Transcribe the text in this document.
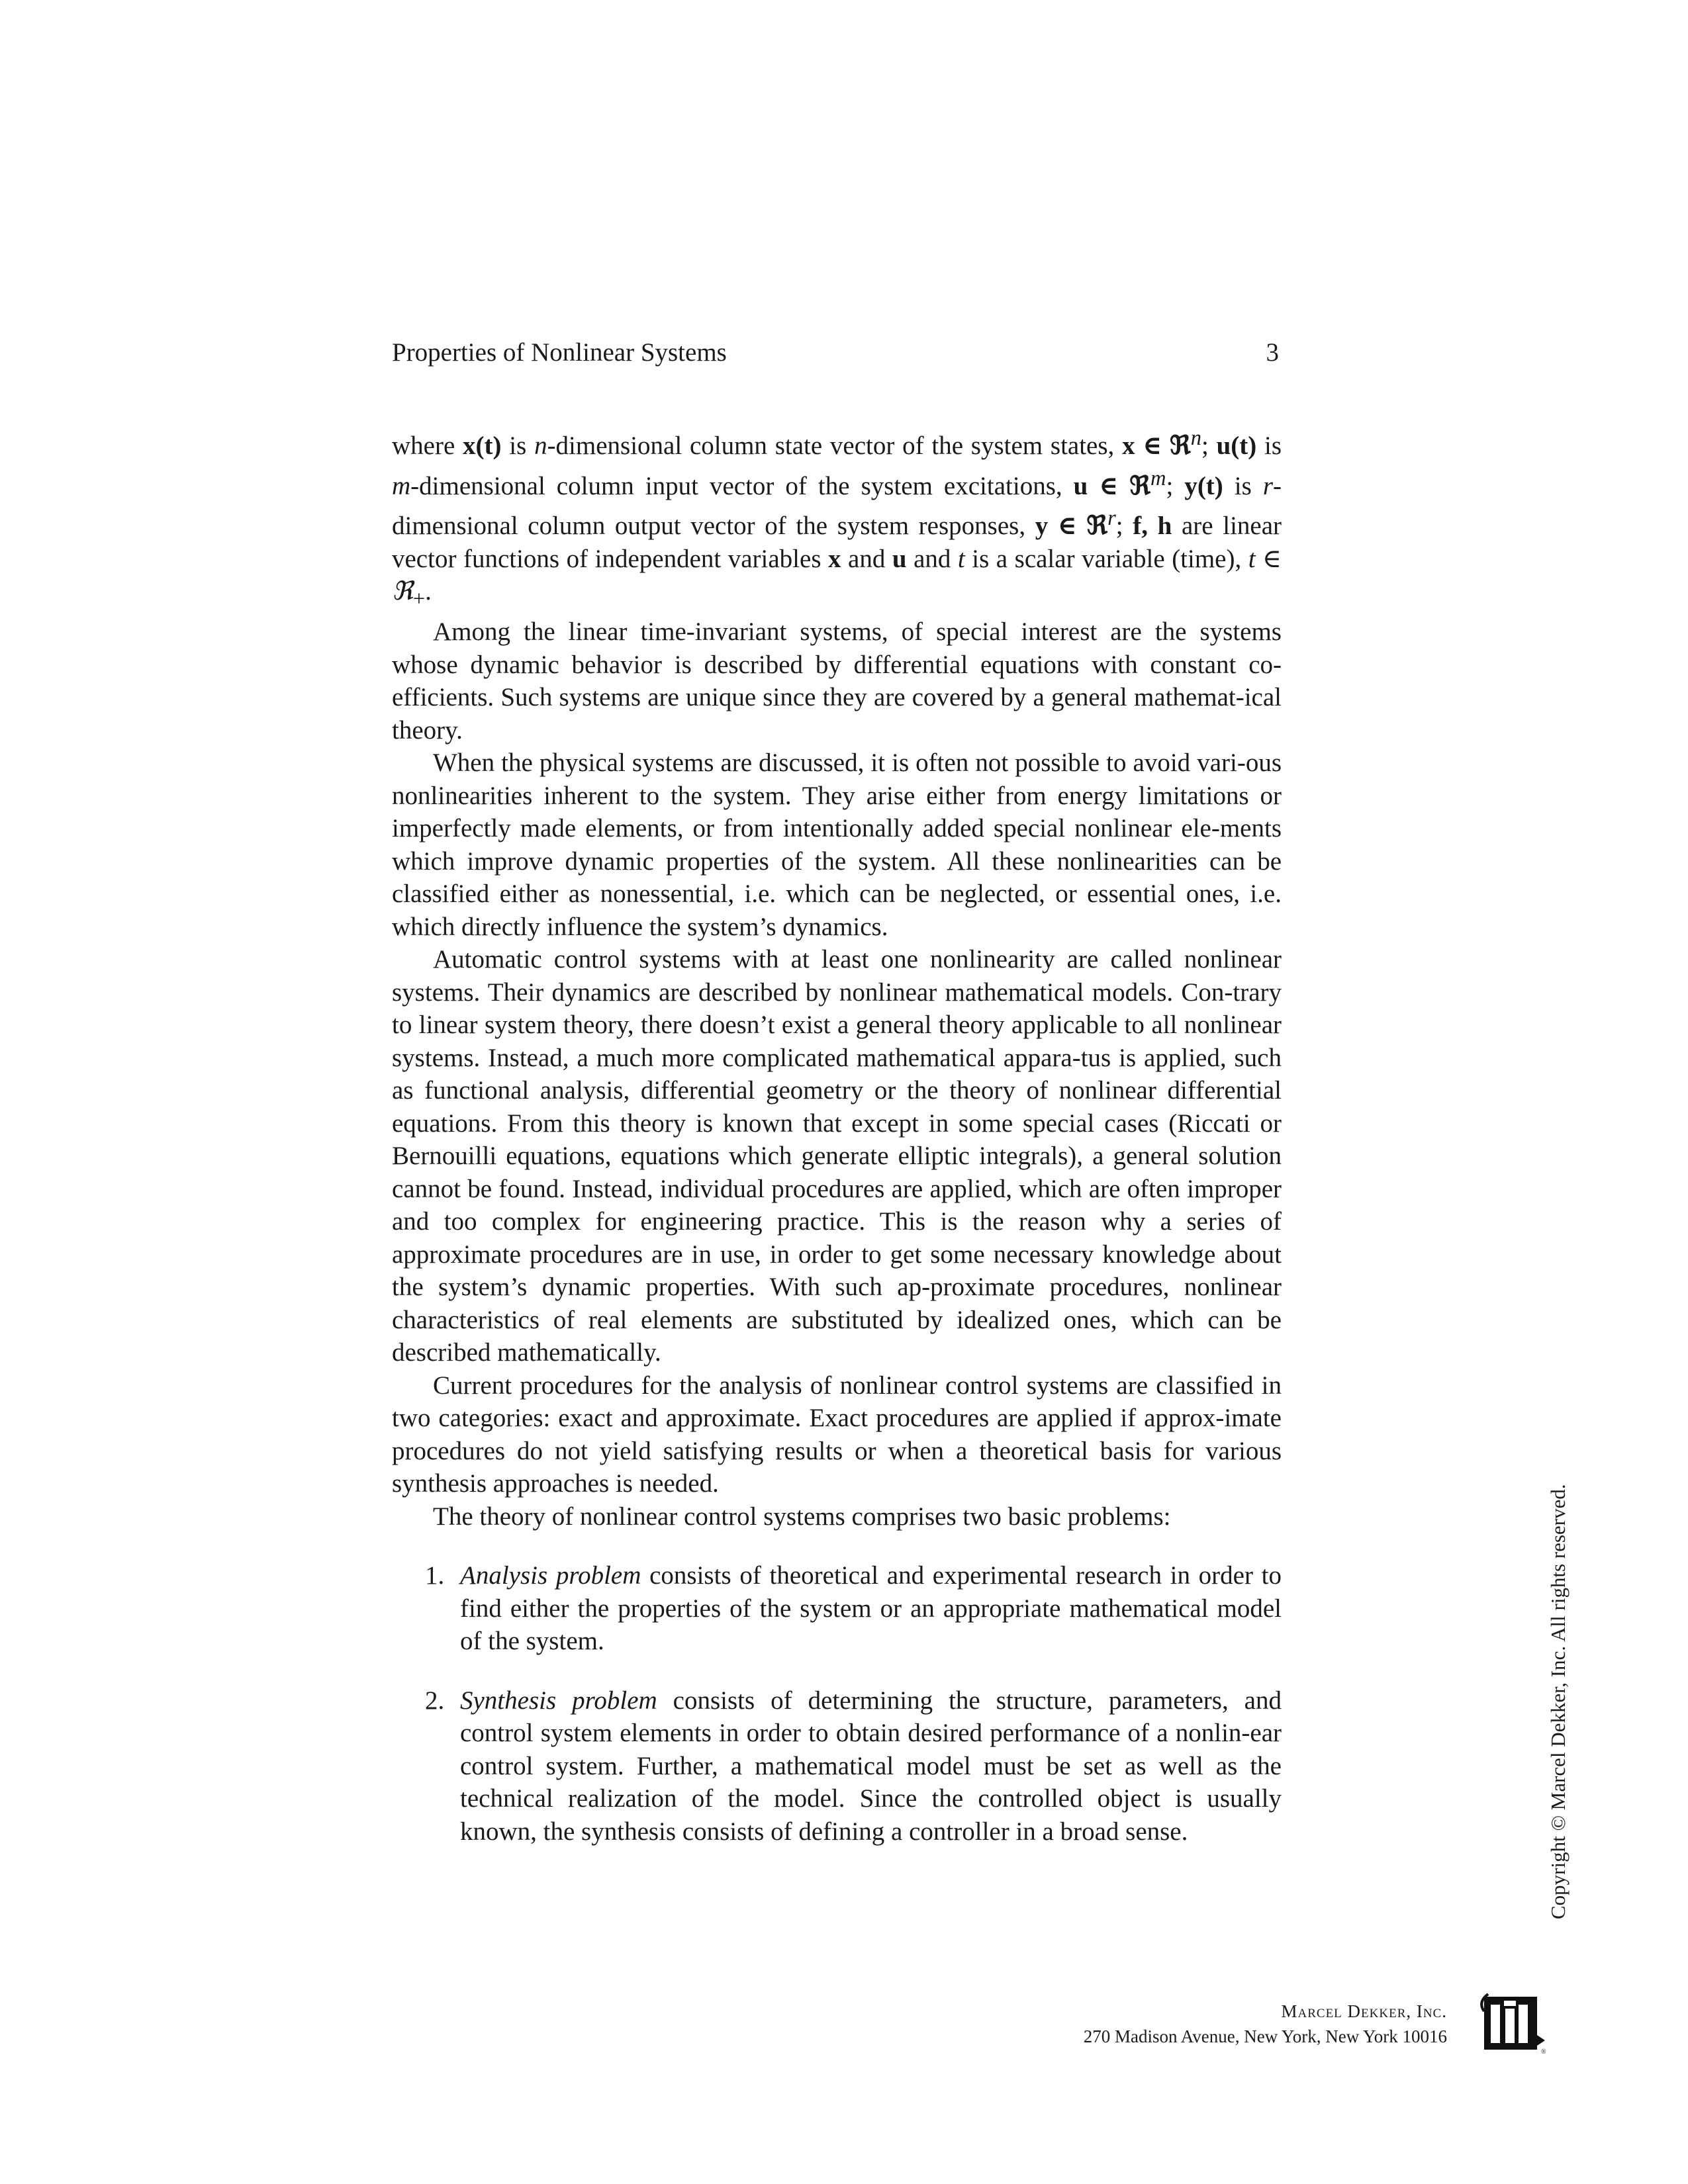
Properties of Nonlinear Systems	3

where x(t) is n-dimensional column state vector of the system states, x ∈ ℜ$^n$; u(t) is m-dimensional column input vector of the system excitations, u ∈ ℜ$^m$; y(t) is r-dimensional column output vector of the system responses, y ∈ ℜ$^r$; f, h are linear vector functions of independent variables x and u and t is a scalar variable (time), t ∈ ℜ$_+$.

Among the linear time-invariant systems, of special interest are the systems whose dynamic behavior is described by differential equations with constant co-efficients. Such systems are unique since they are covered by a general mathemat-ical theory.

When the physical systems are discussed, it is often not possible to avoid vari-ous nonlinearities inherent to the system. They arise either from energy limitations or imperfectly made elements, or from intentionally added special nonlinear ele-ments which improve dynamic properties of the system. All these nonlinearities can be classified either as nonessential, i.e. which can be neglected, or essential ones, i.e. which directly influence the system’s dynamics.

Automatic control systems with at least one nonlinearity are called nonlinear systems. Their dynamics are described by nonlinear mathematical models. Con-trary to linear system theory, there doesn’t exist a general theory applicable to all nonlinear systems. Instead, a much more complicated mathematical appara-tus is applied, such as functional analysis, differential geometry or the theory of nonlinear differential equations. From this theory is known that except in some special cases (Riccati or Bernouilli equations, equations which generate elliptic integrals), a general solution cannot be found. Instead, individual procedures are applied, which are often improper and too complex for engineering practice. This is the reason why a series of approximate procedures are in use, in order to get some necessary knowledge about the system’s dynamic properties. With such ap-proximate procedures, nonlinear characteristics of real elements are substituted by idealized ones, which can be described mathematically.

Current procedures for the analysis of nonlinear control systems are classified in two categories: exact and approximate. Exact procedures are applied if approx-imate procedures do not yield satisfying results or when a theoretical basis for various synthesis approaches is needed.

The theory of nonlinear control systems comprises two basic problems:

1. Analysis problem consists of theoretical and experimental research in order to find either the properties of the system or an appropriate mathematical model of the system.
2. Synthesis problem consists of determining the structure, parameters, and control system elements in order to obtain desired performance of a nonlin-ear control system. Further, a mathematical model must be set as well as the technical realization of the model. Since the controlled object is usually known, the synthesis consists of defining a controller in a broad sense.	Copyright © Marcel Dekker, Inc. All rights reserved.
Marcel Dekker, Inc.
270 Madison Avenue, New York, New York 10016
®
